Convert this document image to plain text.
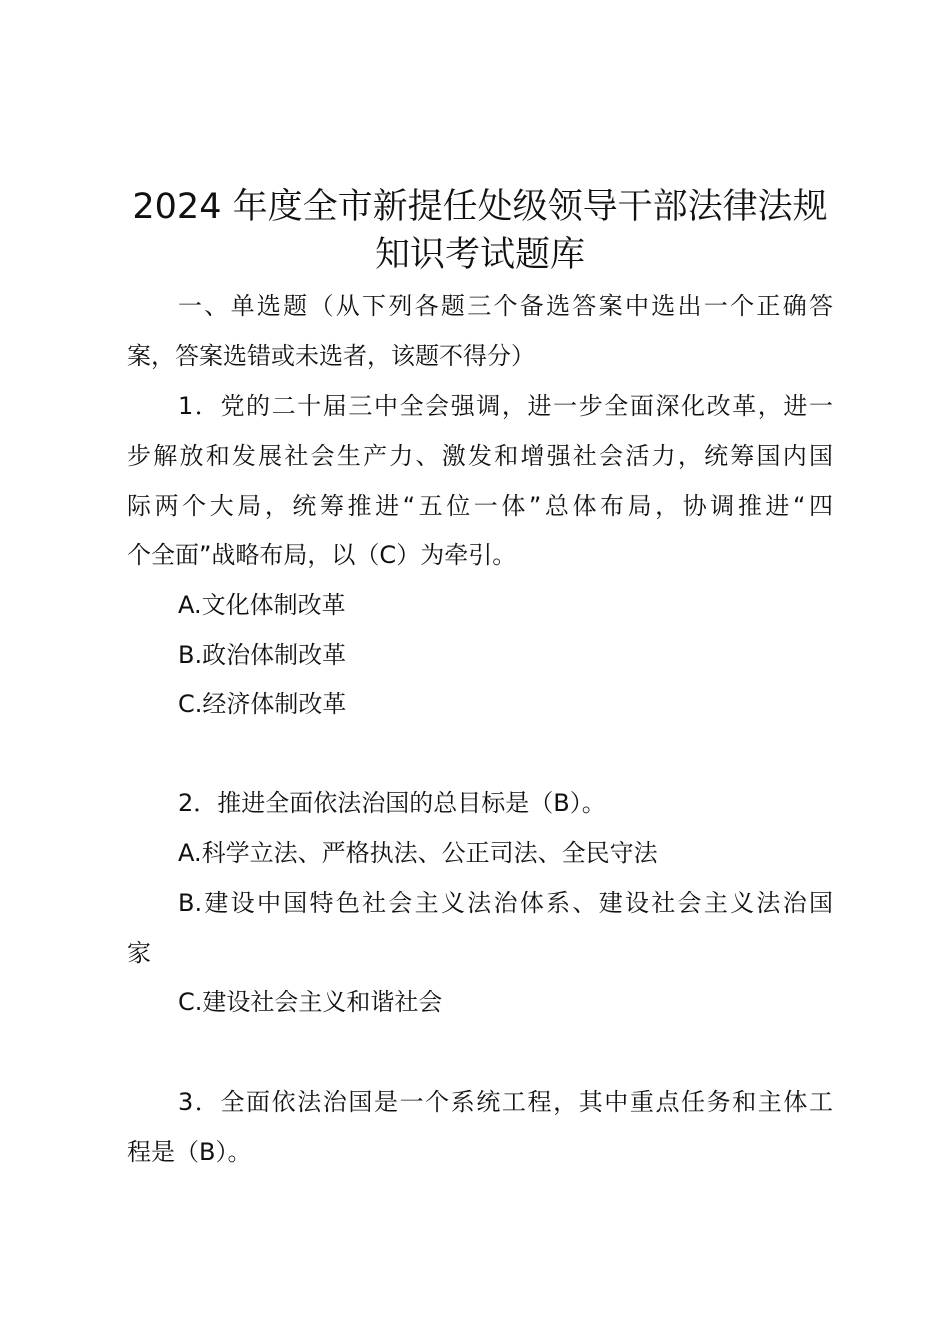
2024 年度全市新提任处级领导干部法律法规
知识考试题库

一、单选题（从下列各题三个备选答案中选出一个正确答

案，答案选错或未选者，该题不得分）

1．党的二十届三中全会强调，进一步全面深化改革，进一

步解放和发展社会生产力、激发和增强社会活力，统筹国内国

际两个大局，统筹推进“五位一体”总体布局，协调推进“四

个全面”战略布局，以（C）为牵引。

A.文化体制改革

B.政治体制改革

C.经济体制改革

2．推进全面依法治国的总目标是（B）。

A.科学立法、严格执法、公正司法、全民守法

B.建设中国特色社会主义法治体系、建设社会主义法治国

家

C.建设社会主义和谐社会

3．全面依法治国是一个系统工程，其中重点任务和主体工

程是（B）。
